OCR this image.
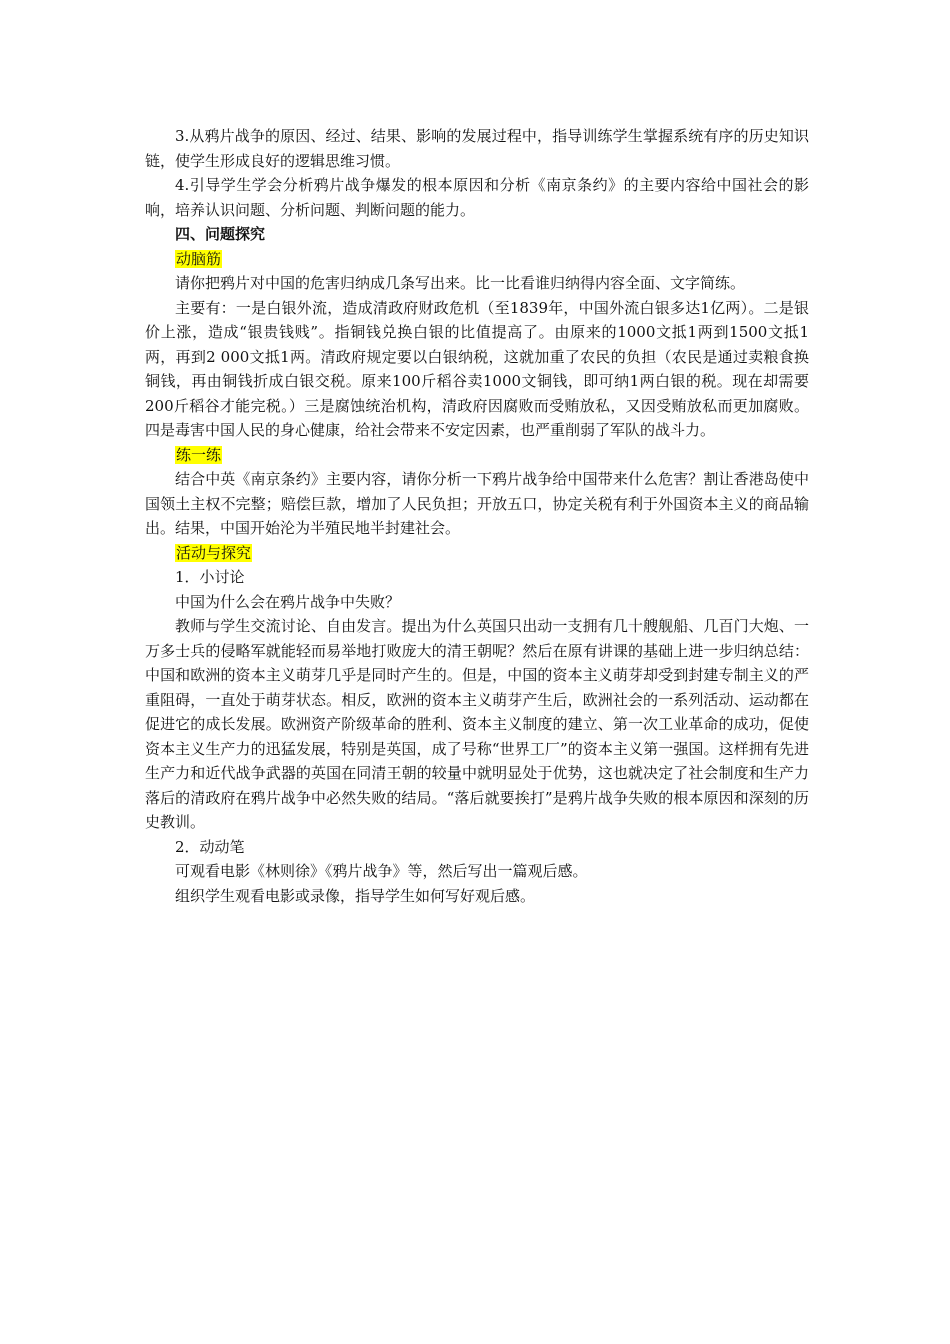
3.从鸦片战争的原因、经过、结果、影响的发展过程中，指导训练学生掌握系统有序的历史知识链，使学生形成良好的逻辑思维习惯。

4.引导学生学会分析鸦片战争爆发的根本原因和分析《南京条约》的主要内容给中国社会的影响，培养认识问题、分析问题、判断问题的能力。

四、问题探究

动脑筋

请你把鸦片对中国的危害归纳成几条写出来。比一比看谁归纳得内容全面、文字简练。

主要有：一是白银外流，造成清政府财政危机（至1839年，中国外流白银多达1亿两）。二是银价上涨，造成“银贵钱贱”。指铜钱兑换白银的比值提高了。由原来的1000文抵1两到1500文抵1两，再到2 000文抵1两。清政府规定要以白银纳税，这就加重了农民的负担（农民是通过卖粮食换铜钱，再由铜钱折成白银交税。原来100斤稻谷卖1000文铜钱，即可纳1两白银的税。现在却需要200斤稻谷才能完税。）三是腐蚀统治机构，清政府因腐败而受贿放私，又因受贿放私而更加腐败。四是毒害中国人民的身心健康，给社会带来不安定因素，也严重削弱了军队的战斗力。

练一练

结合中英《南京条约》主要内容，请你分析一下鸦片战争给中国带来什么危害？割让香港岛使中国领土主权不完整；赔偿巨款，增加了人民负担；开放五口，协定关税有利于外国资本主义的商品输出。结果，中国开始沦为半殖民地半封建社会。

活动与探究

1．小讨论

中国为什么会在鸦片战争中失败？

教师与学生交流讨论、自由发言。提出为什么英国只出动一支拥有几十艘舰船、几百门大炮、一万多士兵的侵略军就能轻而易举地打败庞大的清王朝呢？然后在原有讲课的基础上进一步归纳总结：中国和欧洲的资本主义萌芽几乎是同时产生的。但是，中国的资本主义萌芽却受到封建专制主义的严重阻碍，一直处于萌芽状态。相反，欧洲的资本主义萌芽产生后，欧洲社会的一系列活动、运动都在促进它的成长发展。欧洲资产阶级革命的胜利、资本主义制度的建立、第一次工业革命的成功，促使资本主义生产力的迅猛发展，特别是英国，成了号称“世界工厂”的资本主义第一强国。这样拥有先进生产力和近代战争武器的英国在同清王朝的较量中就明显处于优势，这也就决定了社会制度和生产力落后的清政府在鸦片战争中必然失败的结局。“落后就要挨打”是鸦片战争失败的根本原因和深刻的历史教训。

2．动动笔

可观看电影《林则徐》《鸦片战争》等，然后写出一篇观后感。

组织学生观看电影或录像，指导学生如何写好观后感。
